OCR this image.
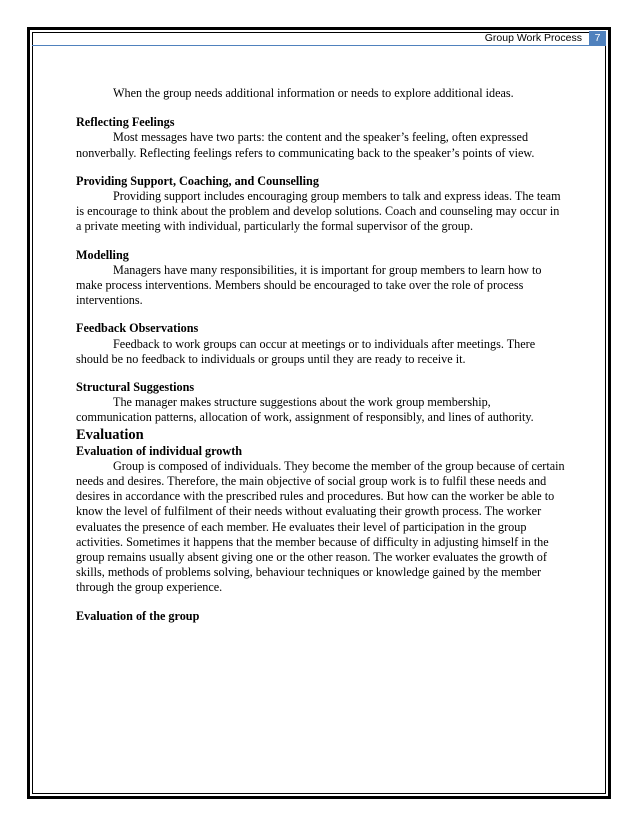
Group Work Process	7

When the group needs additional information or needs to explore additional ideas.

Reflecting Feelings

Most messages have two parts: the content and the speaker’s feeling, often expressed nonverbally. Reflecting feelings refers to communicating back to the speaker’s points of view.

Providing Support, Coaching, and Counselling

Providing support includes encouraging group members to talk and express ideas. The team is encourage to think about the problem and develop solutions. Coach and counseling may occur in a private meeting with individual, particularly the formal supervisor of the group.

Modelling

Managers have many responsibilities, it is important for group members to learn how to make process interventions. Members should be encouraged to take over the role of process interventions.

Feedback Observations

Feedback to work groups can occur at meetings or to individuals after meetings. There should be no feedback to individuals or groups until they are ready to receive it.

Structural Suggestions

The manager makes structure suggestions about the work group membership, communication patterns, allocation of work, assignment of responsibly, and lines of authority.

Evaluation

Evaluation of individual growth

Group is composed of individuals. They become the member of the group because of certain needs and desires. Therefore, the main objective of social group work is to fulfil these needs and desires in accordance with the prescribed rules and procedures. But how can the worker be able to know the level of fulfilment of their needs without evaluating their growth process. The worker evaluates the presence of each member. He evaluates their level of participation in the group activities. Sometimes it happens that the member because of difficulty in adjusting himself in the group remains usually absent giving one or the other reason. The worker evaluates the growth of skills, methods of problems solving, behaviour techniques or knowledge gained by the member through the group experience.

Evaluation of the group
